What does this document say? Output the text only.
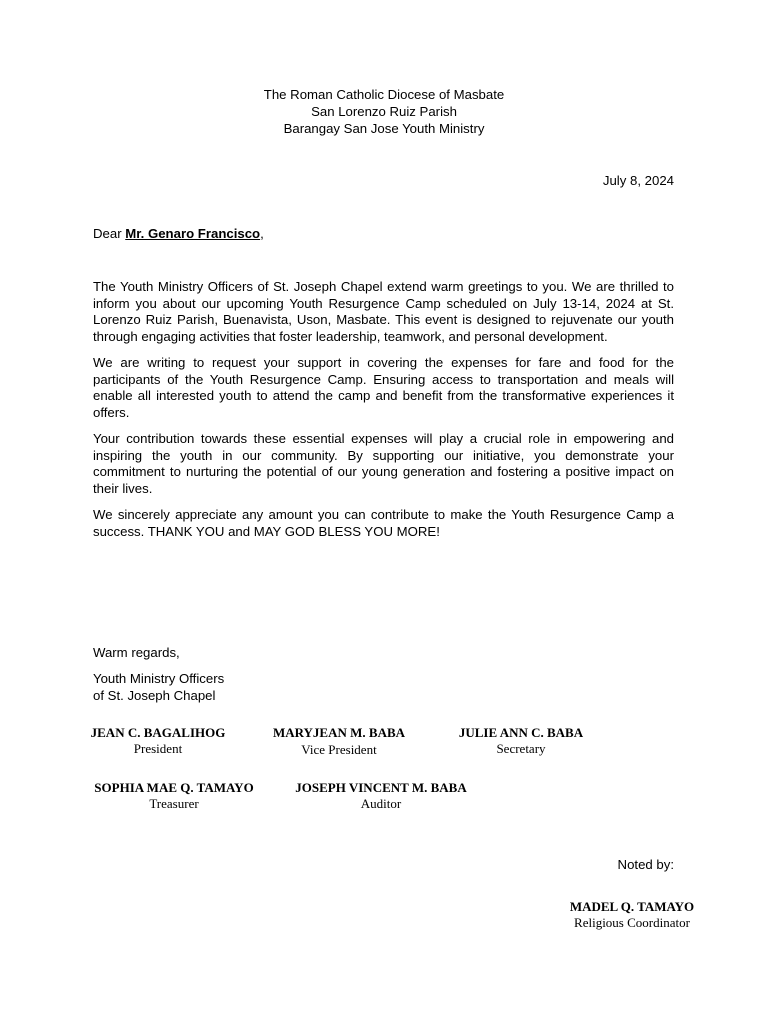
The Roman Catholic Diocese of Masbate
San Lorenzo Ruiz Parish
Barangay San Jose Youth Ministry
July 8, 2024
Dear Mr. Genaro Francisco,

The Youth Ministry Officers of St. Joseph Chapel extend warm greetings to you. We are thrilled to inform you about our upcoming Youth Resurgence Camp scheduled on July 13-14, 2024 at St. Lorenzo Ruiz Parish, Buenavista, Uson, Masbate. This event is designed to rejuvenate our youth through engaging activities that foster leadership, teamwork, and personal development.

We are writing to request your support in covering the expenses for fare and food for the participants of the Youth Resurgence Camp. Ensuring access to transportation and meals will enable all interested youth to attend the camp and benefit from the transformative experiences it offers.

Your contribution towards these essential expenses will play a crucial role in empowering and inspiring the youth in our community. By supporting our initiative, you demonstrate your commitment to nurturing the potential of our young generation and fostering a positive impact on their lives.

We sincerely appreciate any amount you can contribute to make the Youth Resurgence Camp a success. THANK YOU and MAY GOD BLESS YOU MORE!

Warm regards,
Youth Ministry Officers
of St. Joseph Chapel
JEAN C. BAGALIHOG
President
MARYJEAN M. BABA
Vice President
JULIE ANN C. BABA
Secretary
SOPHIA MAE Q. TAMAYO
Treasurer
JOSEPH VINCENT M. BABA
Auditor
Noted by:
MADEL Q. TAMAYO
Religious Coordinator
